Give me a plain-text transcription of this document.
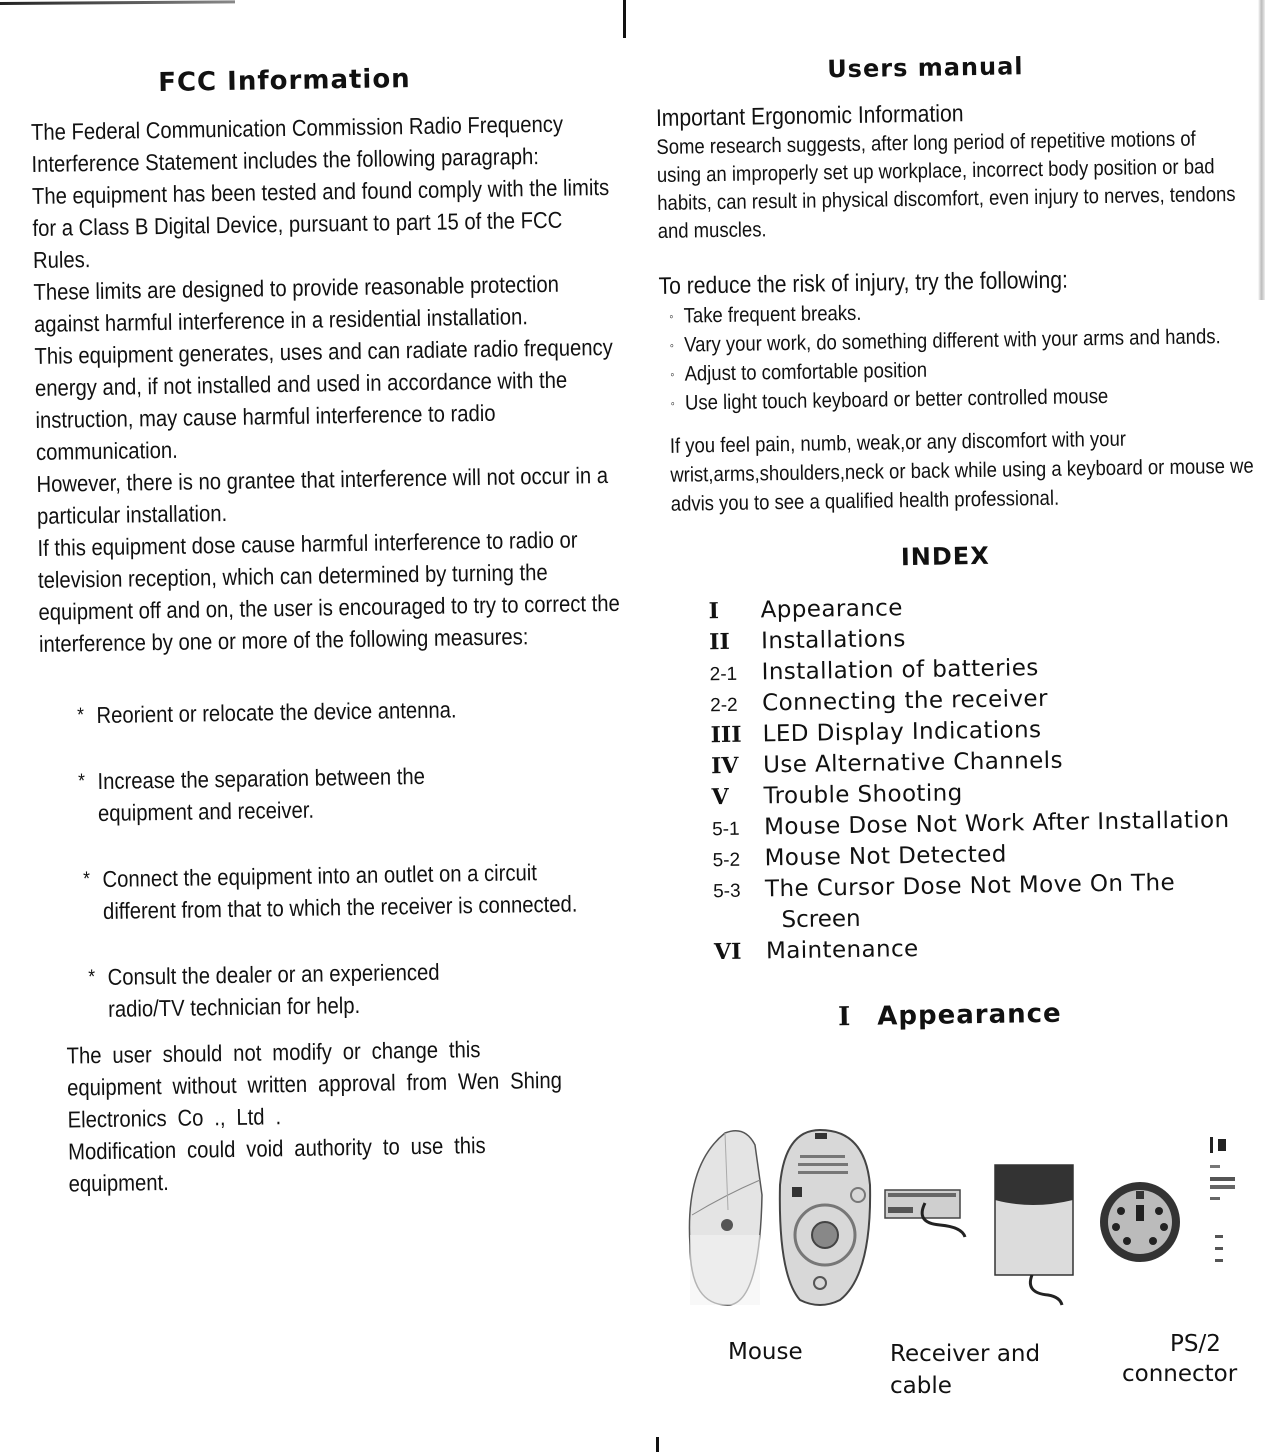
FCC Information

The Federal Communication Commission Radio Frequency Interference Statement includes the following paragraph:

The equipment has been tested and found comply with the limits for a Class B Digital Device, pursuant to part 15 of the FCC Rules.

These limits are designed to provide reasonable protection against harmful interference in a residential installation.

This equipment generates, uses and can radiate radio frequency energy and, if not installed and used in accordance with the instruction, may cause harmful interference to radio communication.

However, there is no grantee that interference will not occur in a particular installation.

If this equipment dose cause harmful interference to radio or television reception, which can determined by turning the equipment off and on, the user is encouraged to try to correct the interference by one or more of the following measures:

* Reorient or relocate the device antenna.
* Increase the separation between the equipment and receiver.
* Connect the equipment into an outlet on a circuit different from that to which the receiver is connected.
* Consult the dealer or an experienced radio/TV technician for help.

The user should not modify or change this equipment without written approval from Wen Shing Electronics Co ., Ltd .

Modification could void authority to use this equipment.

Users manual
Important Ergonomic Information
Some research suggests, after long period of repetitive motions of using an improperly set up workplace, incorrect body position or bad habits, can result in physical discomfort, even injury to nerves, tendons and muscles.
To reduce the risk of injury, try the following:
◦ Take frequent breaks.
◦ Vary your work, do something different with your arms and hands.
◦ Adjust to comfortable position
◦ Use light touch keyboard or better controlled mouse
If you feel pain, numb, weak,or any discomfort with your wrist,arms,shoulders,neck or back while using a keyboard or mouse we advis you to see a qualified health professional.
INDEX
I	Appearance
II	Installations
2-1	Installation of batteries
2-2	Connecting the receiver
III LED Display Indications
IV	Use Alternative Channels
V	Trouble Shooting
5-1	Mouse Dose Not Work After Installation
5-2	Mouse Not Detected
5-3	The Cursor Dose Not Move On The
Screen
VI	Maintenance
I Appearance
Mouse	Receiver and
cable
PS/2
connector
